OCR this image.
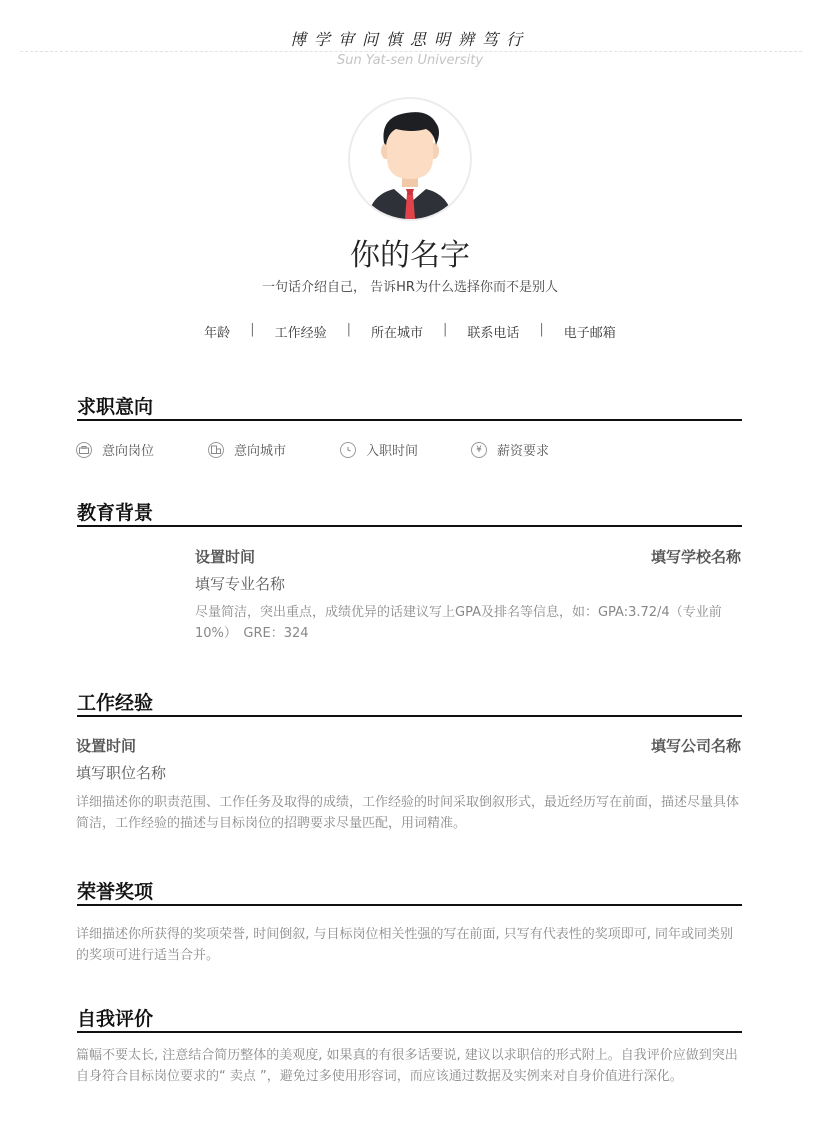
博学审问慎思明辨笃行
Sun Yat-sen University
你的名字
一句话介绍自己， 告诉HR为什么选择你而不是别人
年龄	|	工作经验	|	所在城市	|	联系电话	|	电子邮箱
求职意向
意向岗位	意向城市	入职时间	¥	薪资要求
教育背景
设置时间	填写学校名称
填写专业名称
尽量简洁，突出重点，成绩优异的话建议写上GPA及排名等信息，如：GPA:3.72/4（专业前10%）　GRE：324
工作经验
设置时间	填写公司名称
填写职位名称
详细描述你的职责范围、工作任务及取得的成绩，工作经验的时间采取倒叙形式，最近经历写在前面，描述尽量具体简洁，工作经验的描述与目标岗位的招聘要求尽量匹配，用词精准。
荣誉奖项
详细描述你所获得的奖项荣誉, 时间倒叙, 与目标岗位相关性强的写在前面, 只写有代表性的奖项即可, 同年或同类别的奖项可进行适当合并。
自我评价
篇幅不要太长, 注意结合简历整体的美观度, 如果真的有很多话要说, 建议以求职信的形式附上。自我评价应做到突出自身符合目标岗位要求的“ 卖点 ”，避免过多使用形容词，而应该通过数据及实例来对自身价值进行深化。
